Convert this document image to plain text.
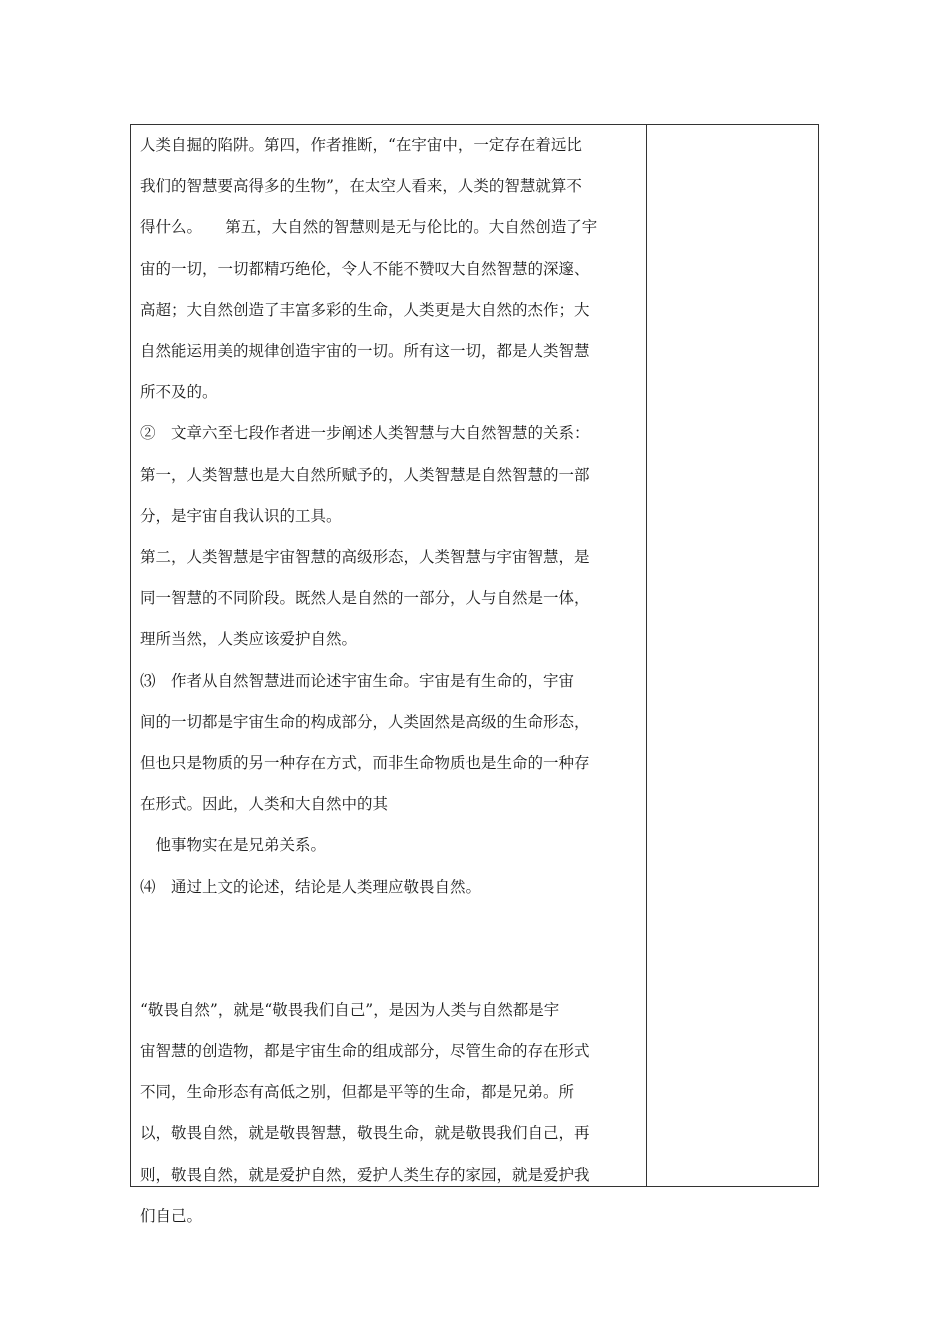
人类自掘的陷阱。第四，作者推断，“在宇宙中，一定存在着远比

我们的智慧要高得多的生物”，在太空人看来，人类的智慧就算不

得什么。　　第五，大自然的智慧则是无与伦比的。大自然创造了宇

宙的一切，一切都精巧绝伦，令人不能不赞叹大自然智慧的深邃、

高超；大自然创造了丰富多彩的生命，人类更是大自然的杰作；大

自然能运用美的规律创造宇宙的一切。所有这一切，都是人类智慧

所不及的。

②　文章六至七段作者进一步阐述人类智慧与大自然智慧的关系：

第一，人类智慧也是大自然所赋予的，人类智慧是自然智慧的一部

分，是宇宙自我认识的工具。

第二，人类智慧是宇宙智慧的高级形态，人类智慧与宇宙智慧，是

同一智慧的不同阶段。既然人是自然的一部分，人与自然是一体，

理所当然，人类应该爱护自然。

⑶　作者从自然智慧进而论述宇宙生命。宇宙是有生命的，宇宙

间的一切都是宇宙生命的构成部分，人类固然是高级的生命形态，

但也只是物质的另一种存在方式，而非生命物质也是生命的一种存

在形式。因此，人类和大自然中的其

　他事物实在是兄弟关系。

⑷　通过上文的论述，结论是人类理应敬畏自然。

“敬畏自然”，就是“敬畏我们自己”，是因为人类与自然都是宇

宙智慧的创造物，都是宇宙生命的组成部分，尽管生命的存在形式

不同，生命形态有高低之别，但都是平等的生命，都是兄弟。所

以，敬畏自然，就是敬畏智慧，敬畏生命，就是敬畏我们自己，再

则，敬畏自然，就是爱护自然，爱护人类生存的家园，就是爱护我

们自己。
